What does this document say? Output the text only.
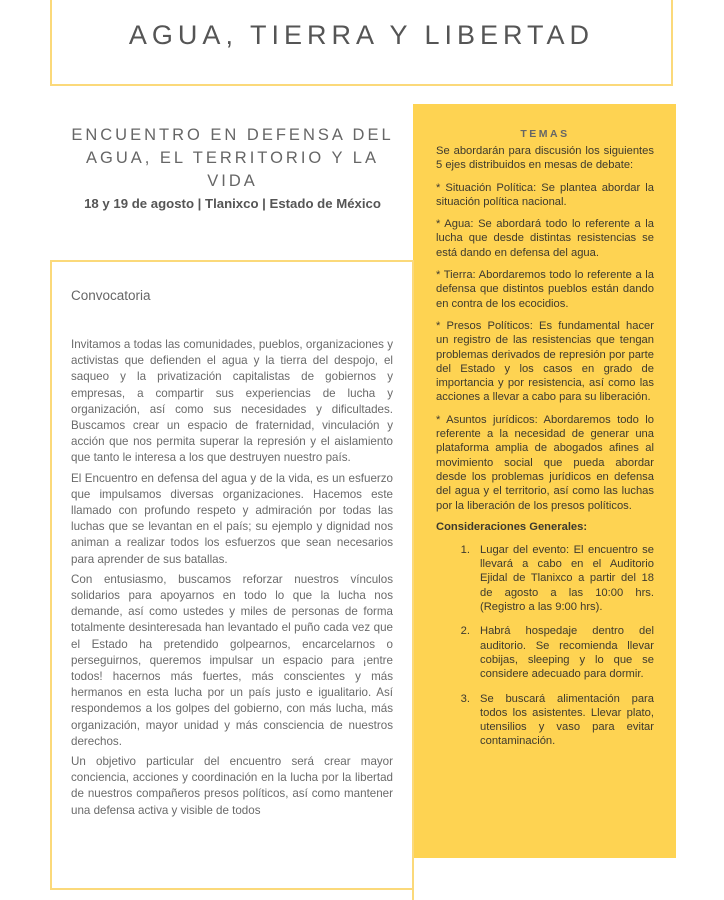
AGUA, TIERRA Y LIBERTAD
ENCUENTRO EN DEFENSA DEL AGUA, EL TERRITORIO Y LA VIDA
18 y 19 de agosto | Tlanixco | Estado de México
TEMAS

Se abordarán para discusión los siguientes 5 ejes distribuidos en mesas de debate:

* Situación Política: Se plantea abordar la situación política nacional.

* Agua: Se abordará todo lo referente a la lucha que desde distintas resistencias se está dando en defensa del agua.

* Tierra: Abordaremos todo lo referente a la defensa que distintos pueblos están dando en contra de los ecocidios.

* Presos Políticos: Es fundamental hacer un registro de las resistencias que tengan problemas derivados de represión por parte del Estado y los casos en grado de importancia y por resistencia, así como las acciones a llevar a cabo para su liberación.

* Asuntos jurídicos: Abordaremos todo lo referente a la necesidad de generar una plataforma amplia de abogados afines al movimiento social que pueda abordar desde los problemas jurídicos en defensa del agua y el territorio, así como las luchas por la liberación de los presos políticos.

Consideraciones Generales:
1. Lugar del evento: El encuentro se llevará a cabo en el Auditorio Ejidal de Tlanixco a partir del 18 de agosto a las 10:00 hrs. (Registro a las 9:00 hrs).
2. Habrá hospedaje dentro del auditorio. Se recomienda llevar cobijas, sleeping y lo que se considere adecuado para dormir.
3. Se buscará alimentación para todos los asistentes. Llevar plato, utensilios y vaso para evitar contaminación.
Convocatoria

Invitamos a todas las comunidades, pueblos, organizaciones y activistas que defienden el agua y la tierra del despojo, el saqueo y la privatización capitalistas de gobiernos y empresas, a compartir sus experiencias de lucha y organización, así como sus necesidades y dificultades. Buscamos crear un espacio de fraternidad, vinculación y acción que nos permita superar la represión y el aislamiento que tanto le interesa a los que destruyen nuestro país.

El Encuentro en defensa del agua y de la vida, es un esfuerzo que impulsamos diversas organizaciones. Hacemos este llamado con profundo respeto y admiración por todas las luchas que se levantan en el país; su ejemplo y dignidad nos animan a realizar todos los esfuerzos que sean necesarios para aprender de sus batallas.

Con entusiasmo, buscamos reforzar nuestros vínculos solidarios para apoyarnos en todo lo que la lucha nos demande, así como ustedes y miles de personas de forma totalmente desinteresada han levantado el puño cada vez que el Estado ha pretendido golpearnos, encarcelarnos o perseguirnos, queremos impulsar un espacio para ¡entre todos! hacernos más fuertes, más conscientes y más hermanos en esta lucha por un país justo e igualitario. Así respondemos a los golpes del gobierno, con más lucha, más organización, mayor unidad y más consciencia de nuestros derechos.

Un objetivo particular del encuentro será crear mayor conciencia, acciones y coordinación en la lucha por la libertad de nuestros compañeros presos políticos, así como mantener una defensa activa y visible de todos
